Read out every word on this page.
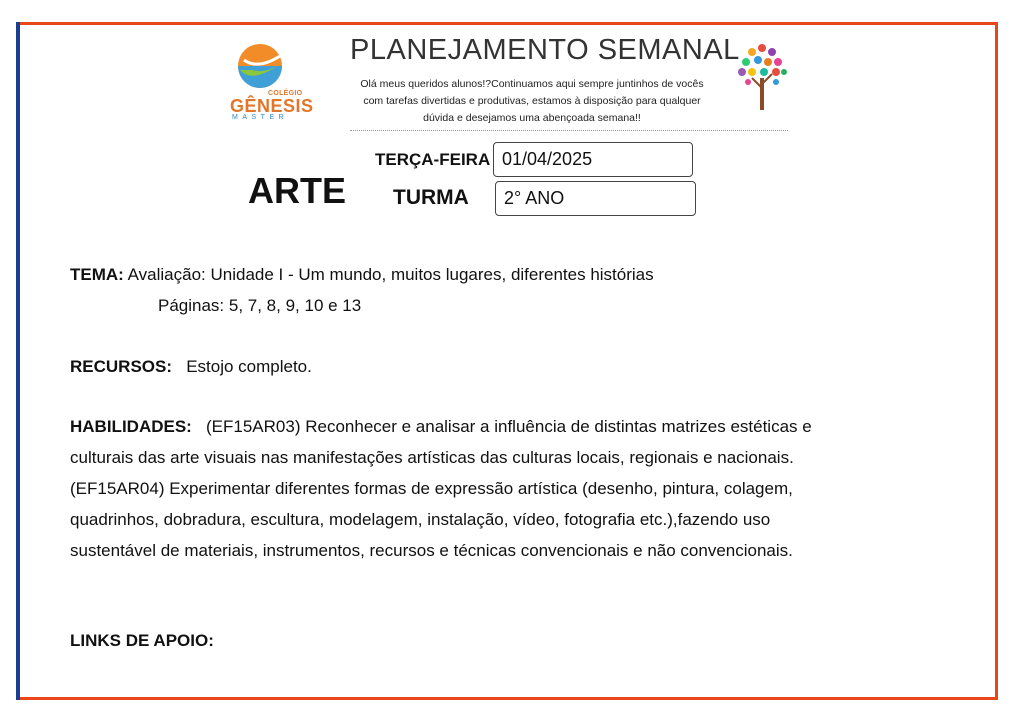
COLÉGIO
GÊNESIS
MASTER
PLANEJAMENTO SEMANAL
Olá meus queridos alunos!?Continuamos aqui sempre juntinhos de vocês
com tarefas divertidas e produtivas, estamos à disposição para qualquer
dúvida e desejamos uma abençoada semana!!
ARTE
TERÇA-FEIRA 01/04/2025
TURMA	2° ANO
TEMA: Avaliação: Unidade I - Um mundo, muitos lugares, diferentes histórias
Páginas: 5, 7, 8, 9, 10 e 13
RECURSOS: Estojo completo.
HABILIDADES: (EF15AR03) Reconhecer e analisar a influência de distintas matrizes estéticas e
culturais das arte visuais nas manifestações artísticas das culturas locais, regionais e nacionais.
(EF15AR04) Experimentar diferentes formas de expressão artística (desenho, pintura, colagem,
quadrinhos, dobradura, escultura, modelagem, instalação, vídeo, fotografia etc.),fazendo uso
sustentável de materiais, instrumentos, recursos e técnicas convencionais e não convencionais.
LINKS DE APOIO:
